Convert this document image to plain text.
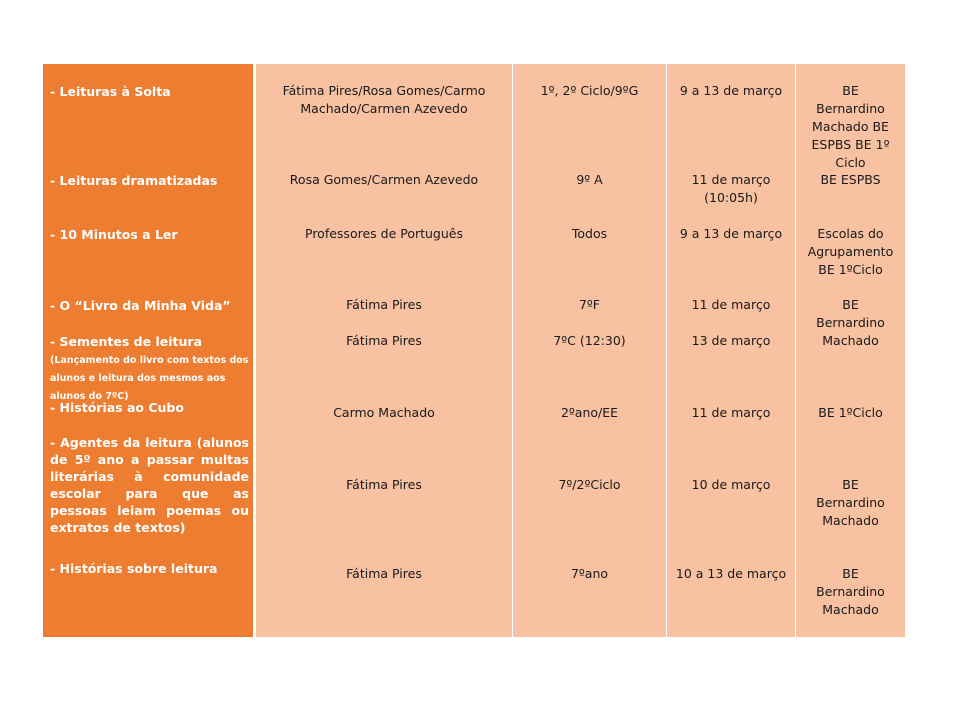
- Leituras à Solta
- Leituras dramatizadas
- 10 Minutos a Ler
- O “Livro da Minha Vida”
- Sementes de leitura (Lançamento do livro com textos dos alunos e leitura dos mesmos aos alunos do 7ºC)
- Histórias ao Cubo
- Agentes da leitura (alunos de 5º ano a passar multas literárias à comunidade escolar para que as pessoas leiam poemas ou extratos de textos)
- Histórias sobre leitura
Fátima Pires/Rosa Gomes/Carmo Machado/Carmen Azevedo
Rosa Gomes/Carmen Azevedo
Professores de Português
Fátima Pires
Fátima Pires
Carmo Machado
Fátima Pires
Fátima Pires
1º, 2º Ciclo/9ºG
9º A
Todos
7ºF
7ºC (12:30)
2ºano/EE
7º/2ºCiclo
7ºano
9 a 13 de março
11 de março (10:05h)
9 a 13 de março
11 de março
13 de março
11 de março
10 de março
10 a 13 de março
BE Bernardino Machado BE ESPBS BE 1º Ciclo
BE ESPBS
Escolas do Agrupamento BE 1ºCiclo
BE Bernardino Machado
BE 1ºCiclo
BE Bernardino Machado
BE Bernardino Machado
